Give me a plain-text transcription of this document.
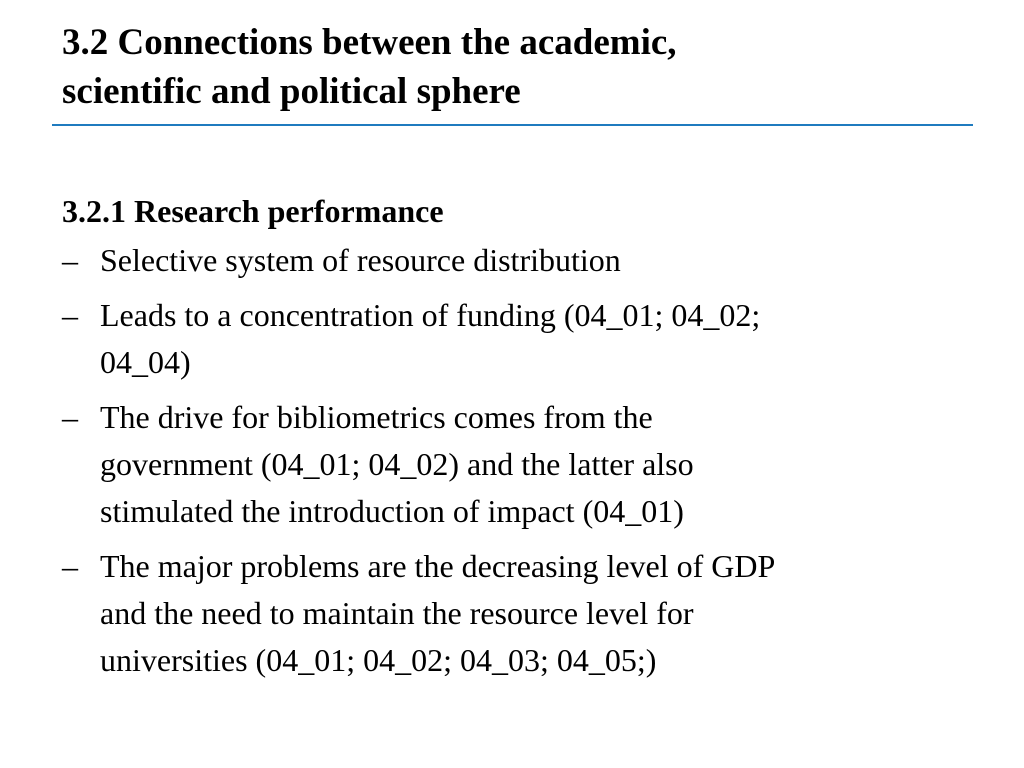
3.2 Connections between the academic,
scientific and political sphere
3.2.1 Research performance
– Selective system of resource distribution
– Leads to a concentration of funding (04_01; 04_02;
04_04)
– The drive for bibliometrics comes from the
government (04_01; 04_02) and the latter also
stimulated the introduction of impact (04_01)
– The major problems are the decreasing level of GDP
and the need to maintain the resource level for
universities (04_01; 04_02; 04_03; 04_05;)
